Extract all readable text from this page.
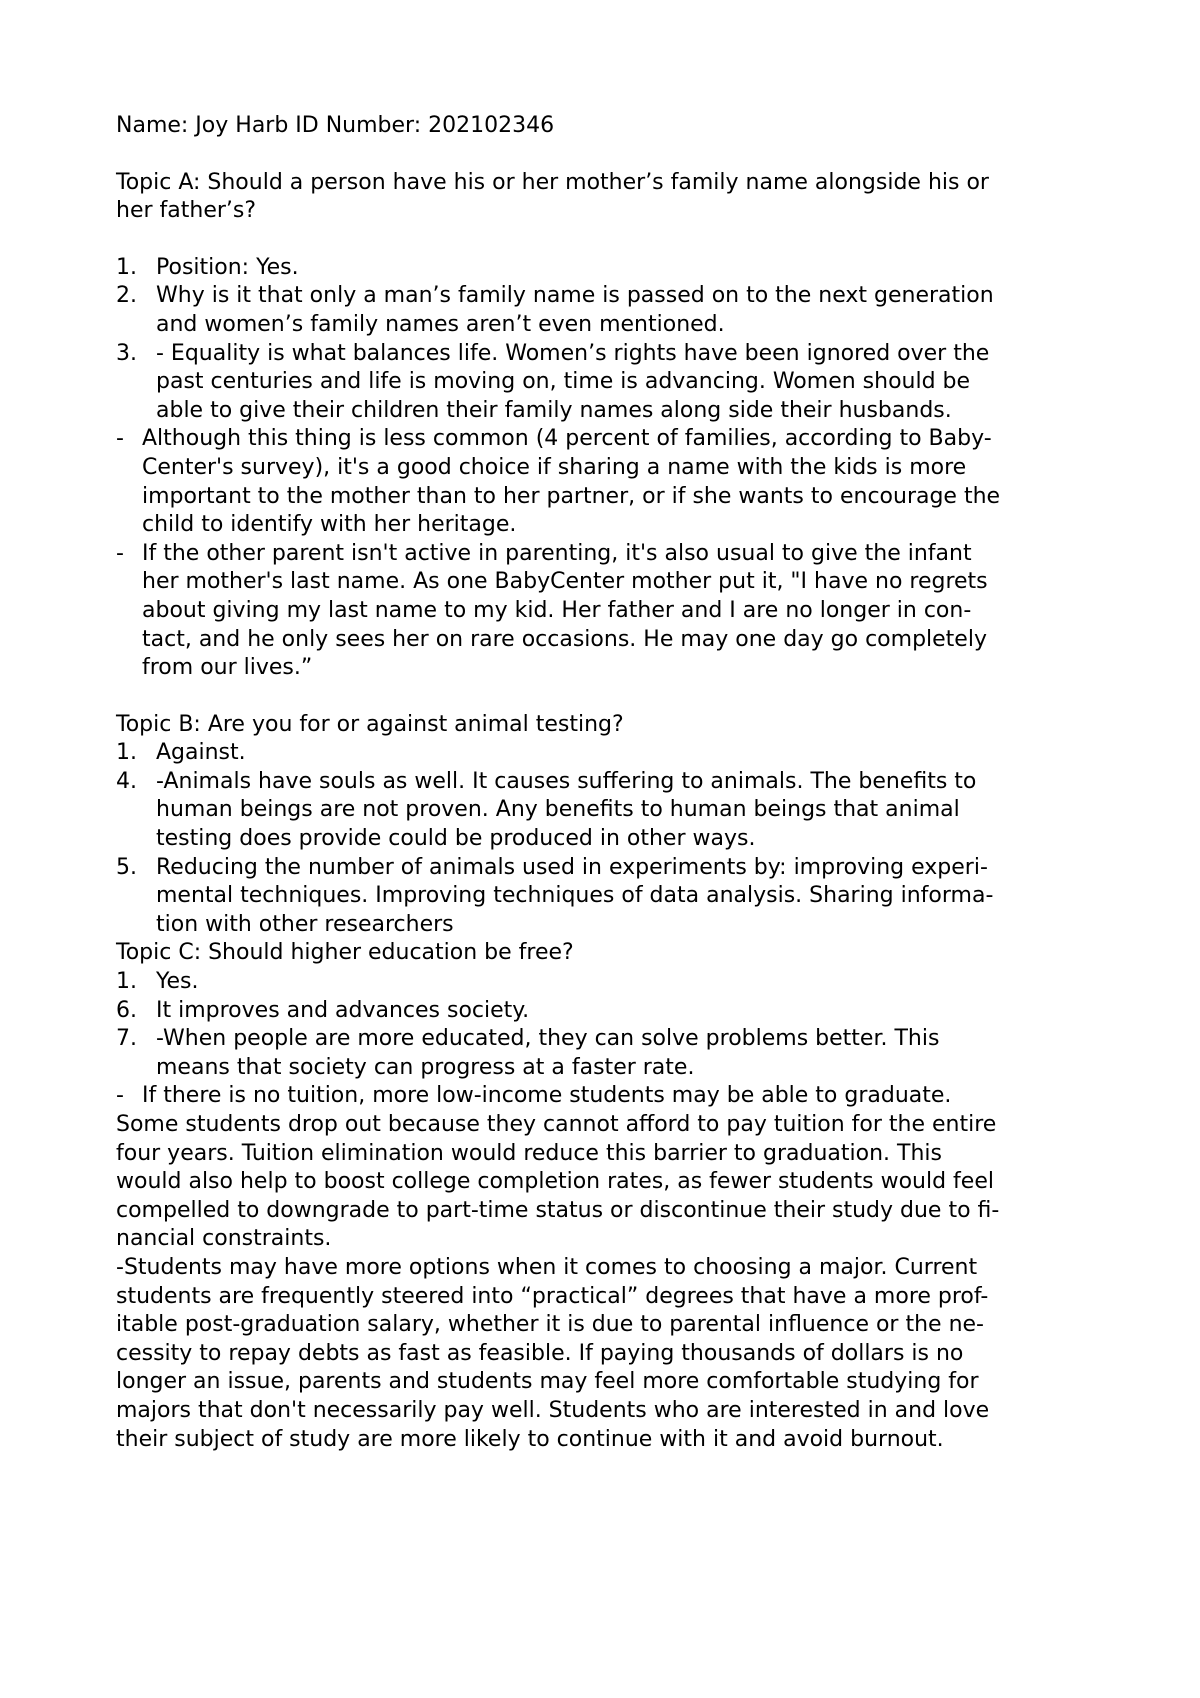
Name: Joy Harb ID Number: 202102346

Topic A: Should a person have his or her mother’s family name alongside his or

her father’s?

1. Position: Yes.
2. Why is it that only a man’s family name is passed on to the next generation
and women’s family names aren’t even mentioned.
3. - Equality is what balances life. Women’s rights have been ignored over the
past centuries and life is moving on, time is advancing. Women should be
able to give their children their family names along side their husbands.
- Although this thing is less common (4 percent of families, according to Baby-
Center's survey), it's a good choice if sharing a name with the kids is more
important to the mother than to her partner, or if she wants to encourage the
child to identify with her heritage.
- If the other parent isn't active in parenting, it's also usual to give the infant
her mother's last name. As one BabyCenter mother put it, "I have no regrets
about giving my last name to my kid. Her father and I are no longer in con-
tact, and he only sees her on rare occasions. He may one day go completely
from our lives.”

Topic B: Are you for or against animal testing?

1. Against.
4. -Animals have souls as well. It causes suffering to animals. The benefits to
human beings are not proven. Any benefits to human beings that animal
testing does provide could be produced in other ways.
5. Reducing the number of animals used in experiments by: improving experi-
mental techniques. Improving techniques of data analysis. Sharing informa-
tion with other researchers

Topic C: Should higher education be free?

1. Yes.
6. It improves and advances society.
7. -When people are more educated, they can solve problems better. This
means that society can progress at a faster rate.

- If there is no tuition, more low-income students may be able to graduate.

Some students drop out because they cannot afford to pay tuition for the entire

four years. Tuition elimination would reduce this barrier to graduation. This

would also help to boost college completion rates, as fewer students would feel

compelled to downgrade to part-time status or discontinue their study due to fi-

nancial constraints.

-Students may have more options when it comes to choosing a major. Current

students are frequently steered into “practical” degrees that have a more prof-

itable post-graduation salary, whether it is due to parental influence or the ne-

cessity to repay debts as fast as feasible. If paying thousands of dollars is no

longer an issue, parents and students may feel more comfortable studying for

majors that don't necessarily pay well. Students who are interested in and love

their subject of study are more likely to continue with it and avoid burnout.
